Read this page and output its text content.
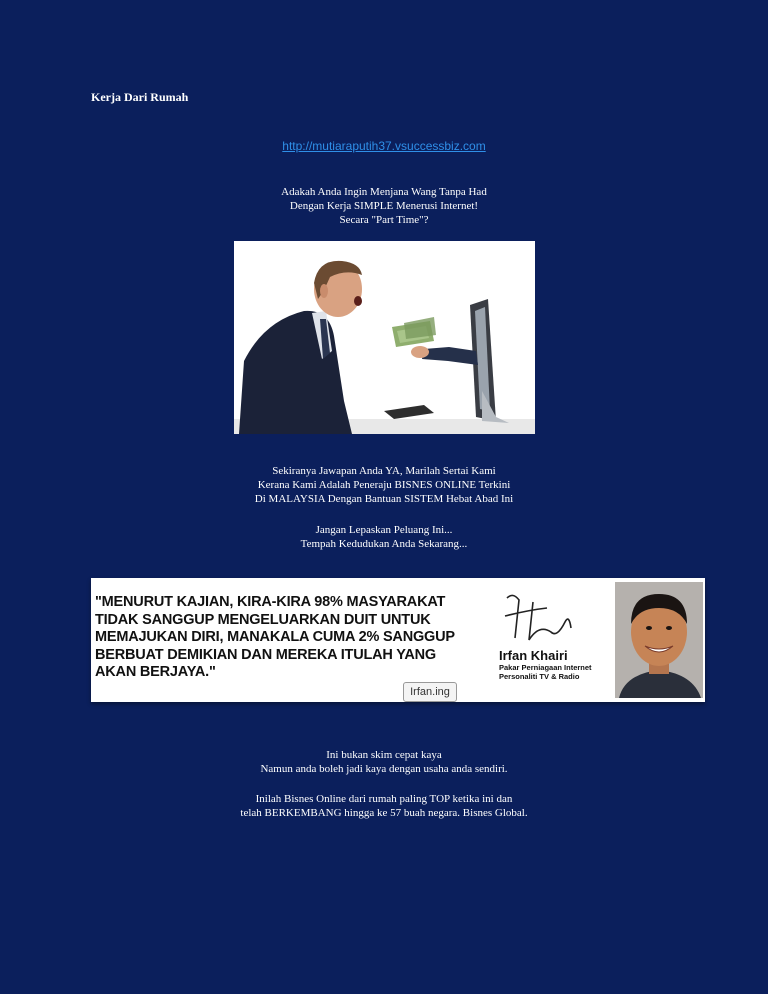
Kerja Dari Rumah
http://mutiaraputih37.vsuccessbiz.com
Adakah Anda Ingin Menjana Wang Tanpa Had
Dengan Kerja SIMPLE Menerusi Internet!
Secara "Part Time"?
Sekiranya Jawapan Anda YA, Marilah Sertai Kami
Kerana Kami Adalah Peneraju BISNES ONLINE Terkini
Di MALAYSIA Dengan Bantuan SISTEM Hebat Abad Ini
Jangan Lepaskan Peluang Ini...
Tempah Kedudukan Anda Sekarang...
"MENURUT KAJIAN, KIRA-KIRA 98% MASYARAKAT
TIDAK SANGGUP MENGELUARKAN DUIT UNTUK
MEMAJUKAN DIRI, MANAKALA CUMA 2% SANGGUP
BERBUAT DEMIKIAN DAN MEREKA ITULAH YANG
AKAN BERJAYA."
Irfan Khairi
Pakar Perniagaan Internet
Personaliti TV & Radio
Irfan.ing
Ini bukan skim cepat kaya
Namun anda boleh jadi kaya dengan usaha anda sendiri.
Inilah Bisnes Online dari rumah paling TOP ketika ini dan
telah BERKEMBANG hingga ke 57 buah negara. Bisnes Global.
